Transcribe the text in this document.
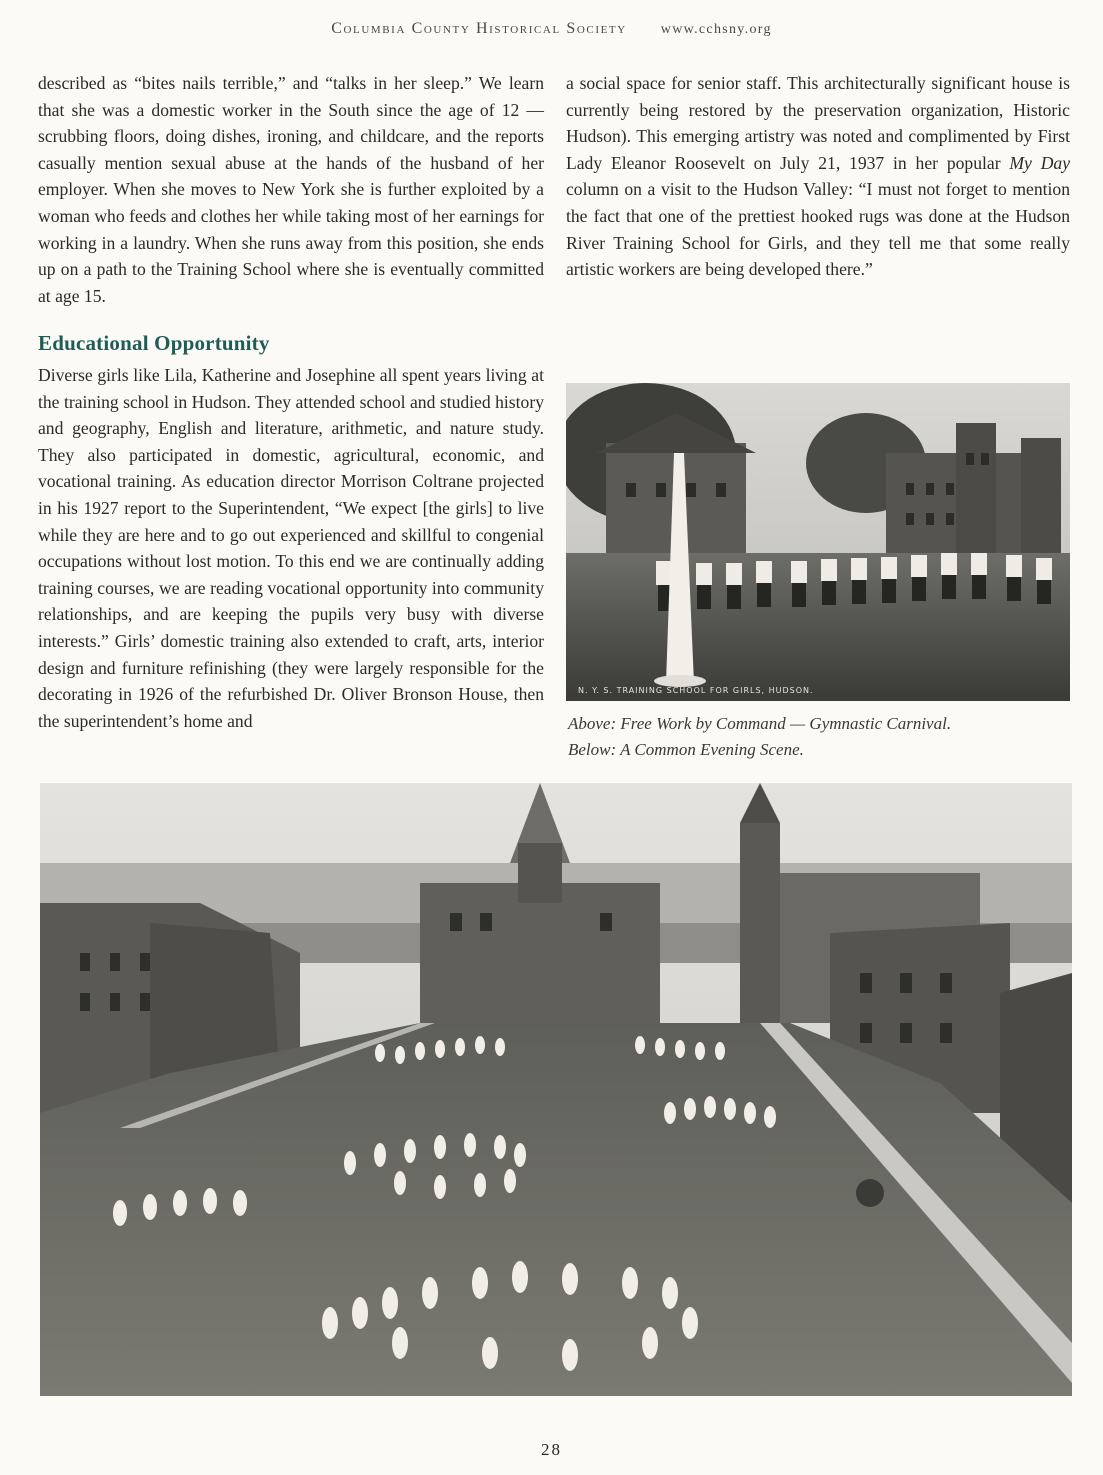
Columbia County Historical Society www.cchsny.org

described as “bites nails terrible,” and “talks in her sleep.” We learn that she was a domestic worker in the South since the age of 12 —scrubbing floors, doing dishes, ironing, and childcare, and the reports casually mention sexual abuse at the hands of the husband of her employer. When she moves to New York she is further exploited by a woman who feeds and clothes her while taking most of her earnings for working in a laundry. When she runs away from this position, she ends up on a path to the Training School where she is eventually committed at age 15.

a social space for senior staff. This architecturally significant house is currently being restored by the preservation organization, Historic Hudson). This emerging artistry was noted and complimented by First Lady Eleanor Roosevelt on July 21, 1937 in her popular My Day column on a visit to the Hudson Valley: “I must not forget to mention the fact that one of the prettiest hooked rugs was done at the Hudson River Training School for Girls, and they tell me that some really artistic workers are being developed there.”

Educational Opportunity

Diverse girls like Lila, Katherine and Josephine all spent years living at the training school in Hudson. They attended school and studied history and geography, English and literature, arithmetic, and nature study. They also participated in domestic, agricultural, economic, and vocational training. As education director Morrison Coltrane projected in his 1927 report to the Superintendent, “We expect [the girls] to live while they are here and to go out experienced and skillful to congenial occupations without lost motion. To this end we are continually adding training courses, we are reading vocational opportunity into community relationships, and are keeping the pupils very busy with diverse interests.” Girls’ domestic training also extended to craft, arts, interior design and furniture refinishing (they were largely responsible for the decorating in 1926 of the refurbished Dr. Oliver Bronson House, then the superintendent’s home and

N. Y. S. TRAINING SCHOOL FOR GIRLS, HUDSON.
Above: Free Work by Command — Gymnastic Carnival.
Below: A Common Evening Scene.
28
